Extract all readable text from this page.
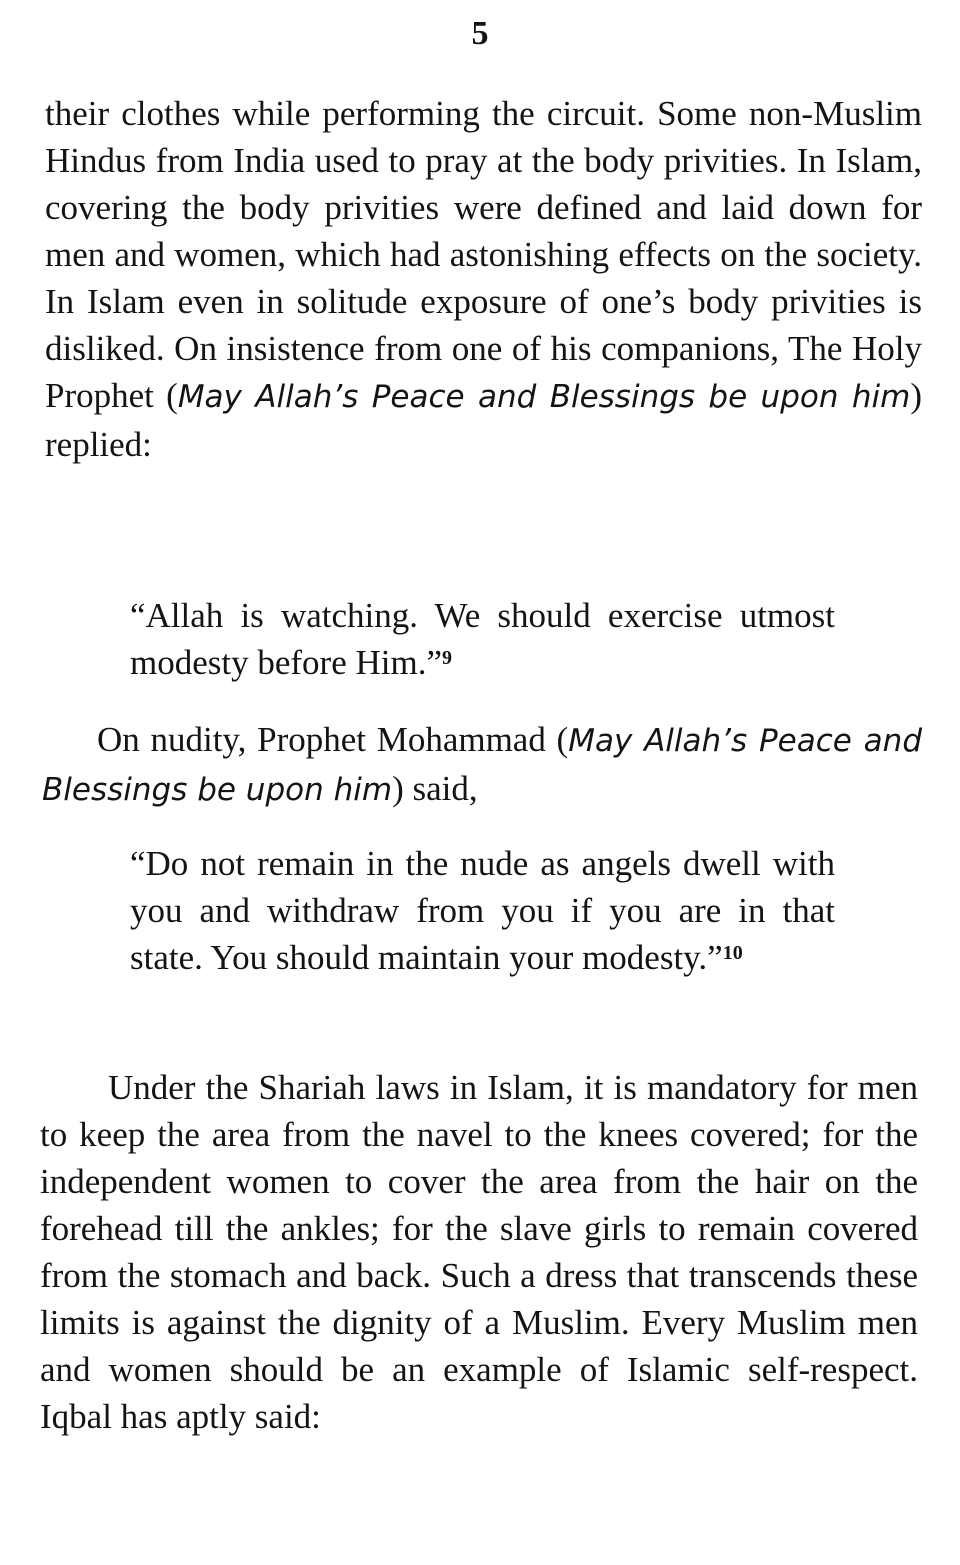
5

their clothes while performing the circuit. Some non-Muslim Hindus from India used to pray at the body privities. In Islam, covering the body privities were defined and laid down for men and women, which had astonishing effects on the society. In Islam even in solitude exposure of one’s body privities is disliked. On insistence from one of his companions, The Holy Prophet (May Allah’s Peace and Blessings be upon him) replied:

“Allah is watching. We should exercise utmost modesty before Him.”$^9$

On nudity, Prophet Mohammad (May Allah’s Peace and Blessings be upon him) said,

“Do not remain in the nude as angels dwell with you and withdraw from you if you are in that state. You should maintain your modesty.”$^{10}$

Under the Shariah laws in Islam, it is mandatory for men to keep the area from the navel to the knees covered; for the independent women to cover the area from the hair on the forehead till the ankles; for the slave girls to remain covered from the stomach and back. Such a dress that transcends these limits is against the dignity of a Muslim. Every Muslim men and women should be an example of Islamic self-respect. Iqbal has aptly said:
